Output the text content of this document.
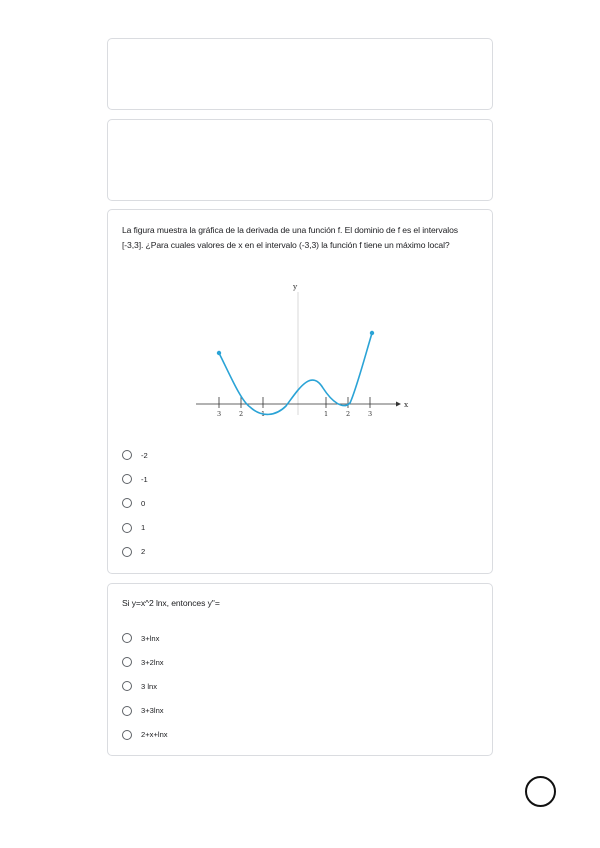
La figura muestra la gráfica de la derivada de una función f. El dominio de f es el intervalos [-3,3]. ¿Para cuales valores de x en el intervalo (-3,3) la función f tiene un máximo local?
y
x
3	2	1	1	2	3
-2
-1
0
1
2
Si y=x^2 lnx, entonces y''=
3+lnx
3+2lnx
3 lnx
3+3lnx
2+x+lnx
